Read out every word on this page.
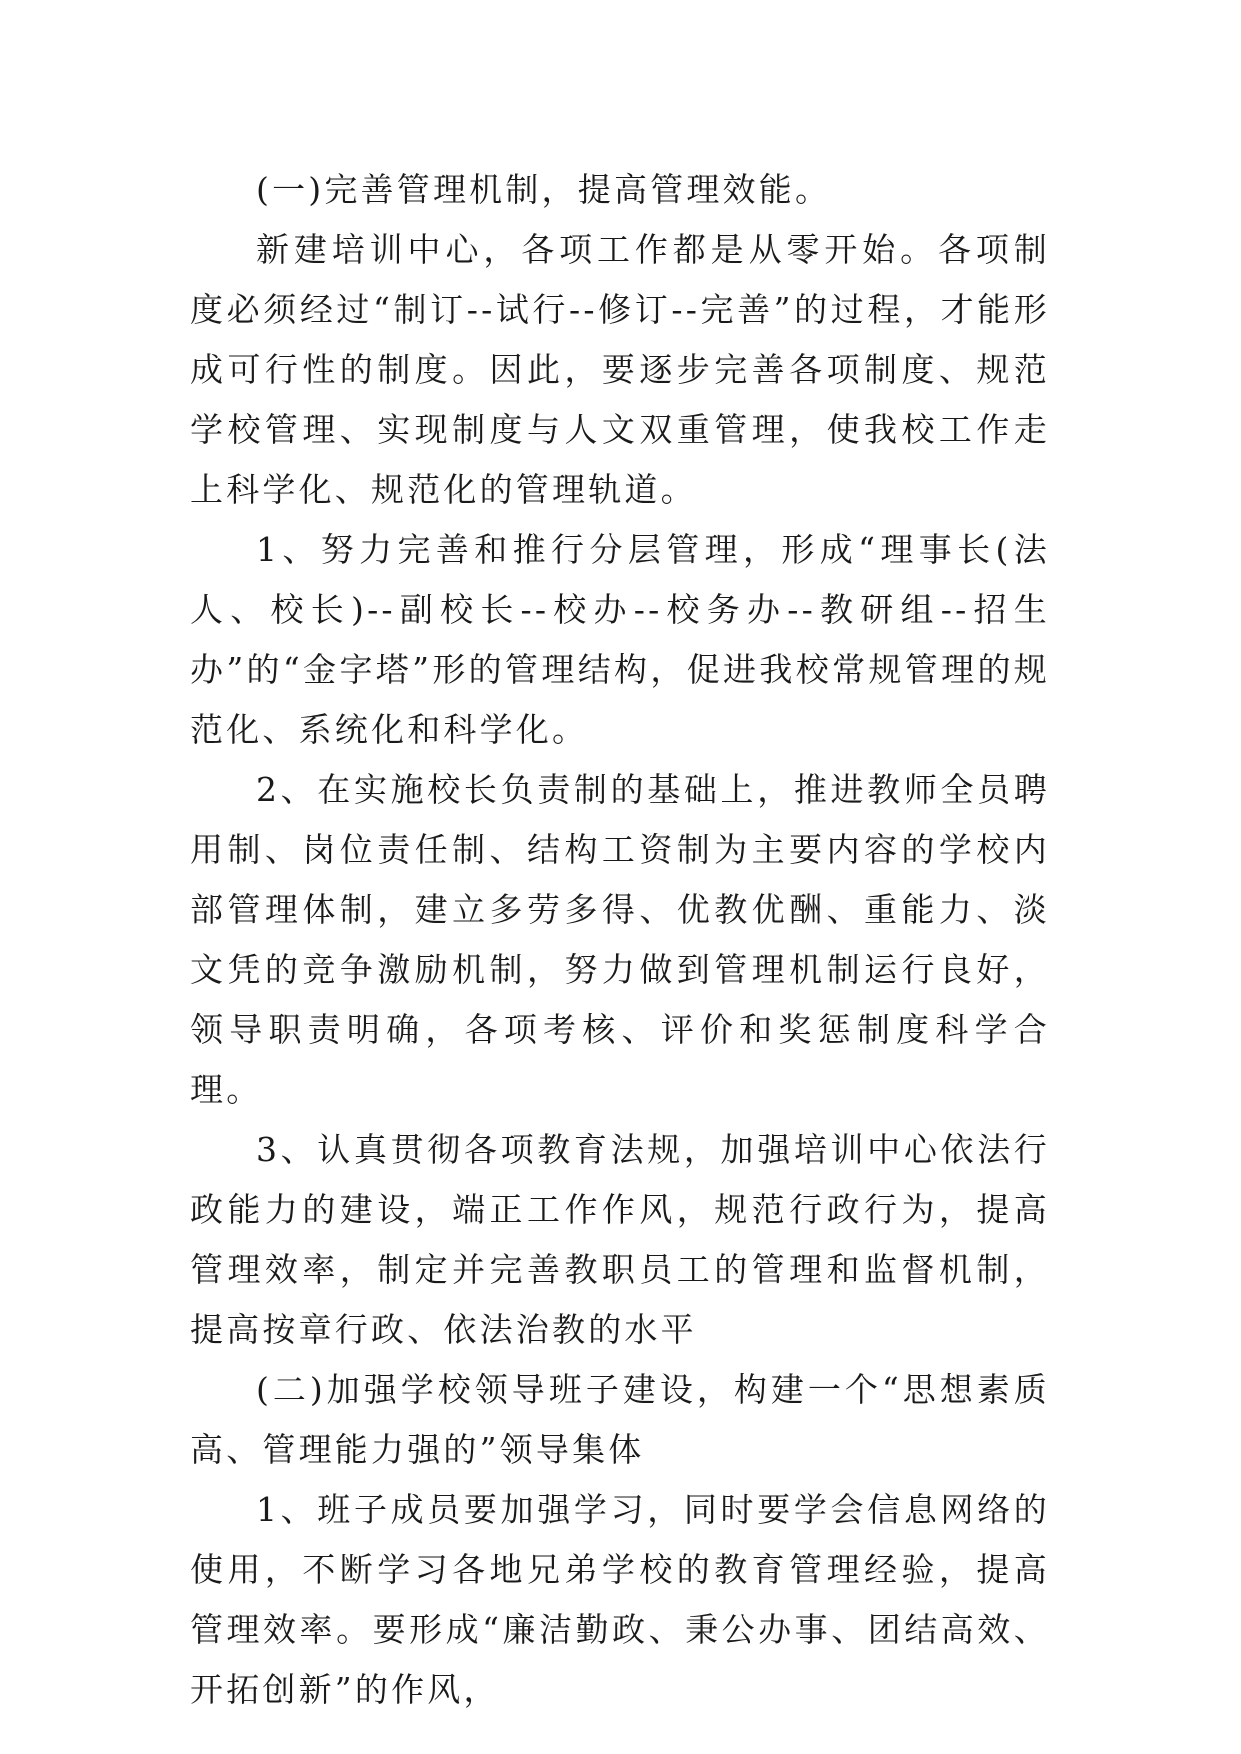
(一)完善管理机制，提高管理效能。

新建培训中心，各项工作都是从零开始。各项制度必须经过“制订--试行--修订--完善”的过程，才能形成可行性的制度。因此，要逐步完善各项制度、规范学校管理、实现制度与人文双重管理，使我校工作走上科学化、规范化的管理轨道。

1、努力完善和推行分层管理，形成“理事长(法人、校长)--副校长--校办--校务办--教研组--招生办”的“金字塔”形的管理结构，促进我校常规管理的规范化、系统化和科学化。

2、在实施校长负责制的基础上，推进教师全员聘用制、岗位责任制、结构工资制为主要内容的学校内部管理体制，建立多劳多得、优教优酬、重能力、淡文凭的竞争激励机制，努力做到管理机制运行良好，领导职责明确，各项考核、评价和奖惩制度科学合理。

3、认真贯彻各项教育法规，加强培训中心依法行政能力的建设，端正工作作风，规范行政行为，提高管理效率，制定并完善教职员工的管理和监督机制，提高按章行政、依法治教的水平

(二)加强学校领导班子建设，构建一个“思想素质高、管理能力强的”领导集体

1、班子成员要加强学习，同时要学会信息网络的使用，不断学习各地兄弟学校的教育管理经验，提高管理效率。要形成“廉洁勤政、秉公办事、团结高效、开拓创新”的作风，
